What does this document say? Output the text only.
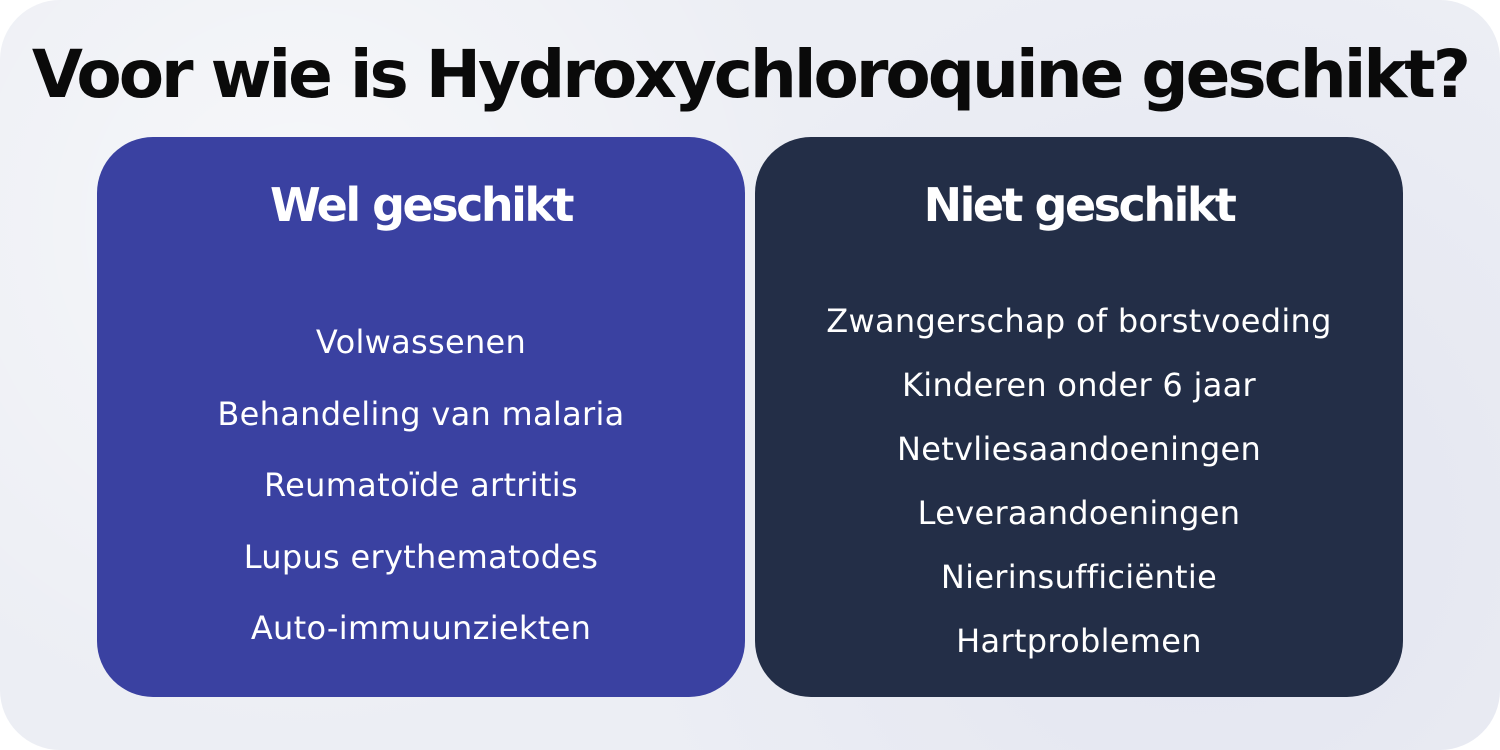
Voor wie is Hydroxychloroquine geschikt?
Wel geschikt
Volwassenen
Behandeling van malaria
Reumatoïde artritis
Lupus erythematodes
Auto-immuunziekten
Niet geschikt
Zwangerschap of borstvoeding
Kinderen onder 6 jaar
Netvliesaandoeningen
Leveraandoeningen
Nierinsufficiëntie
Hartproblemen
